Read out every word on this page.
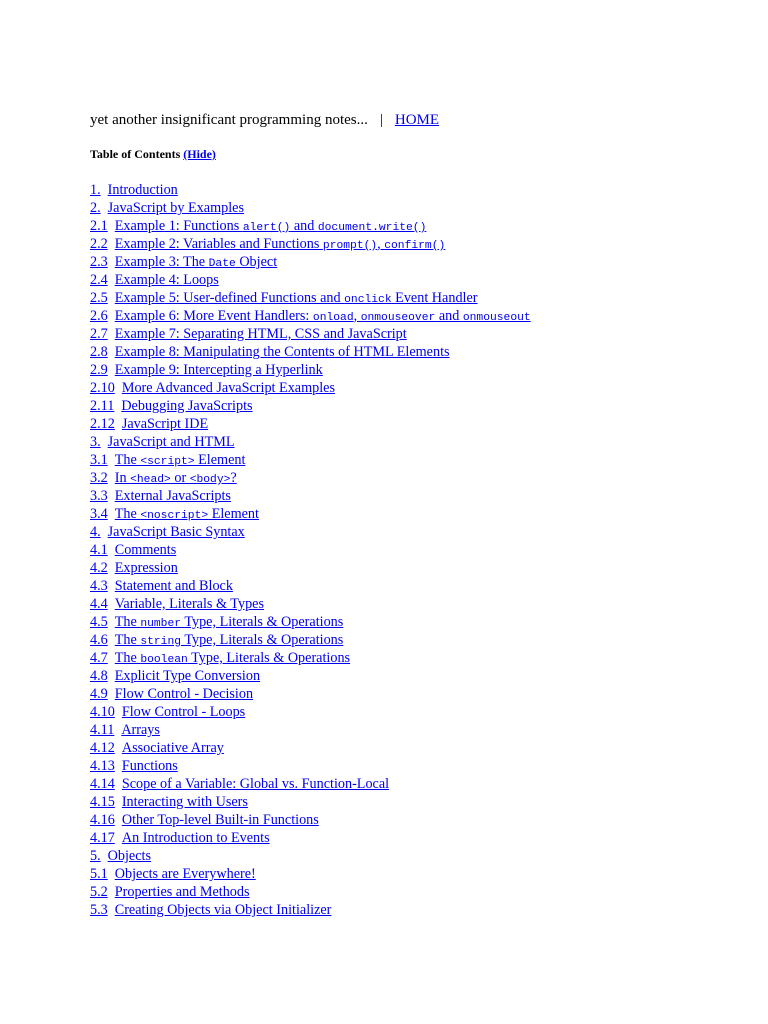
yet another insignificant programming notes... | HOME
Table of Contents (Hide)
1. Introduction
2. JavaScript by Examples
2.1 Example 1: Functions alert() and document.write()
2.2 Example 2: Variables and Functions prompt(), confirm()
2.3 Example 3: The Date Object
2.4 Example 4: Loops
2.5 Example 5: User-defined Functions and onclick Event Handler
2.6 Example 6: More Event Handlers: onload, onmouseover and onmouseout
2.7 Example 7: Separating HTML, CSS and JavaScript
2.8 Example 8: Manipulating the Contents of HTML Elements
2.9 Example 9: Intercepting a Hyperlink
2.10 More Advanced JavaScript Examples
2.11 Debugging JavaScripts
2.12 JavaScript IDE
3. JavaScript and HTML
3.1 The <script> Element
3.2 In <head> or <body>?
3.3 External JavaScripts
3.4 The <noscript> Element
4. JavaScript Basic Syntax
4.1 Comments
4.2 Expression
4.3 Statement and Block
4.4 Variable, Literals & Types
4.5 The number Type, Literals & Operations
4.6 The string Type, Literals & Operations
4.7 The boolean Type, Literals & Operations
4.8 Explicit Type Conversion
4.9 Flow Control - Decision
4.10 Flow Control - Loops
4.11 Arrays
4.12 Associative Array
4.13 Functions
4.14 Scope of a Variable: Global vs. Function-Local
4.15 Interacting with Users
4.16 Other Top-level Built-in Functions
4.17 An Introduction to Events
5. Objects
5.1 Objects are Everywhere!
5.2 Properties and Methods
5.3 Creating Objects via Object Initializer
